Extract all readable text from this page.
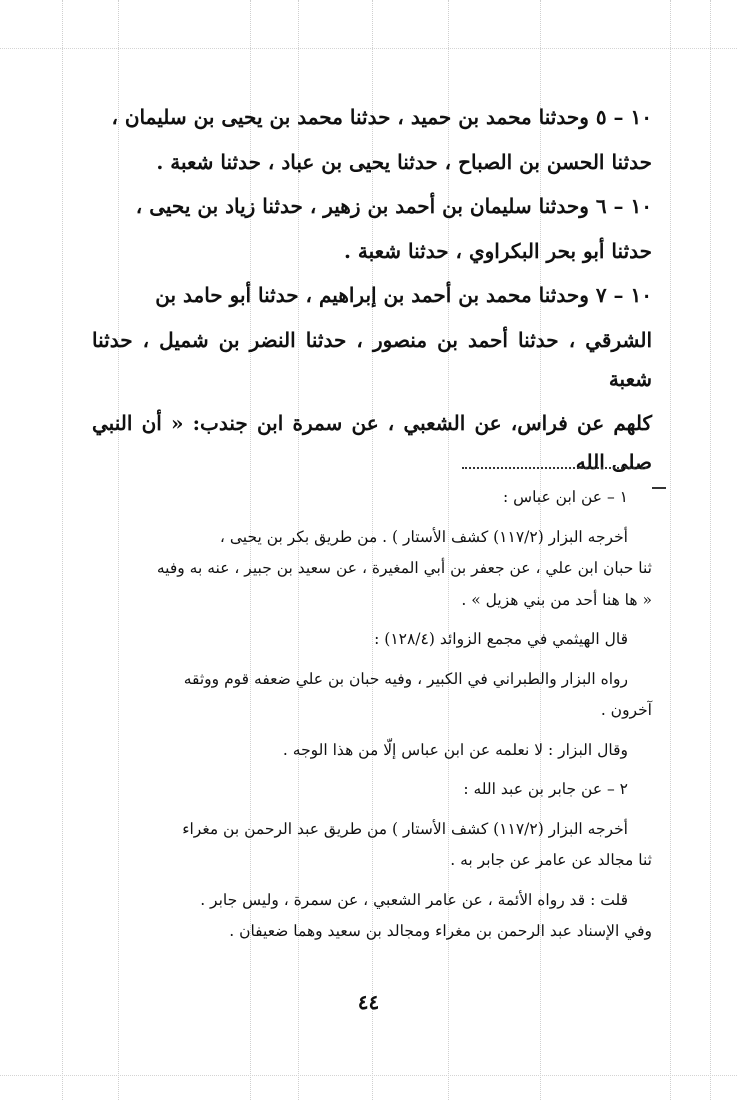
١٠ – ٥ وحدثنا محمد بن حميد ، حدثنا محمد بن يحيى بن سليمان ،

حدثنا الحسن بن الصباح ، حدثنا يحيى بن عباد ، حدثنا شعبة .

١٠ – ٦ وحدثنا سليمان بن أحمد بن زهير ، حدثنا زياد بن يحيى ،

حدثنا أبو بحر البكراوي ، حدثنا شعبة .

١٠ – ٧ وحدثنا محمد بن أحمد بن إبراهيم ، حدثنا أبو حامد بن

الشرقي ، حدثنا أحمد بن منصور ، حدثنا النضر بن شميل ، حدثنا شعبة

كلهم عن فراس، عن الشعبي ، عن سمرة ابن جندب: « أن النبي صلى الله

١ – عن ابن عباس :

أخرجه البزار (١١٧/٢) كشف الأستار ) . من طريق بكر بن يحيى ،

ثنا حبان ابن علي ، عن جعفر بن أبي المغيرة ، عن سعيد بن جبير ، عنه به وفيه

« ها هنا أحد من بني هزيل » .

قال الهيثمي في مجمع الزوائد (١٢٨/٤) :

رواه البزار والطبراني في الكبير ، وفيه حبان بن علي ضعفه قوم ووثقه

آخرون .

وقال البزار : لا نعلمه عن ابن عباس إلّا من هذا الوجه .

٢ – عن جابر بن عبد الله :

أخرجه البزار (١١٧/٢) كشف الأستار ) من طريق عبد الرحمن بن مغراء

ثنا مجالد عن عامر عن جابر به .

قلت : قد رواه الأئمة ، عن عامر الشعبي ، عن سمرة ، وليس جابر .

وفي الإسناد عبد الرحمن بن مغراء ومجالد بن سعيد وهما ضعيفان .

٤٤
